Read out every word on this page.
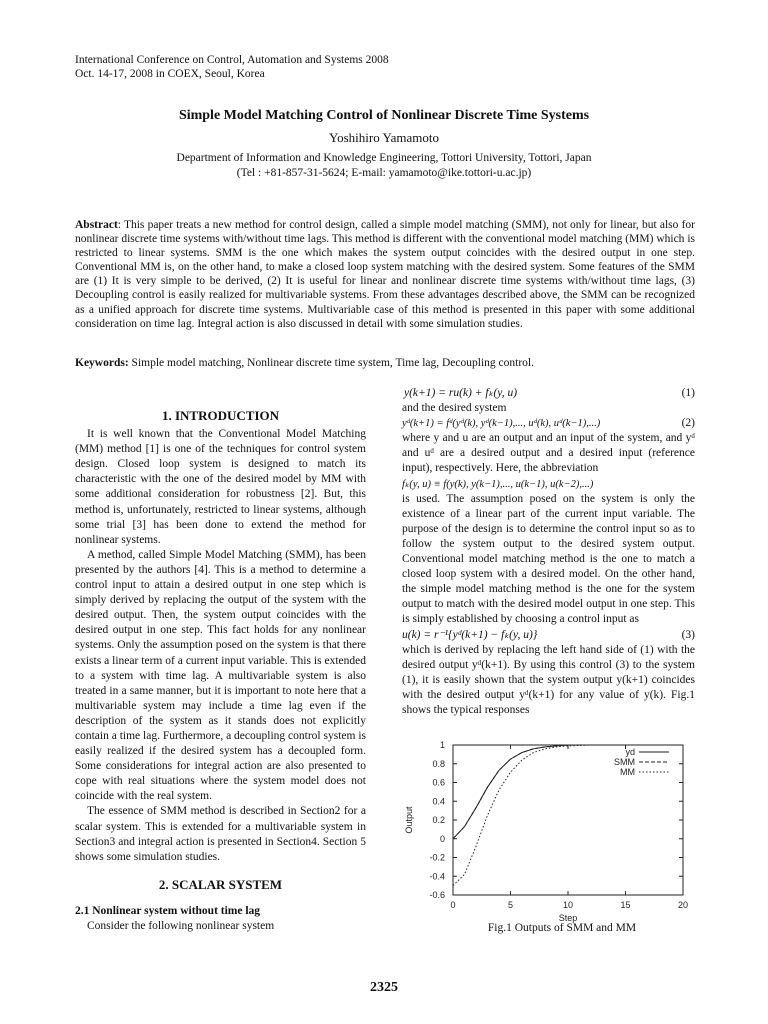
International Conference on Control, Automation and Systems 2008
Oct. 14-17, 2008 in COEX, Seoul, Korea
Simple Model Matching Control of Nonlinear Discrete Time Systems
Yoshihiro Yamamoto
Department of Information and Knowledge Engineering, Tottori University, Tottori, Japan
(Tel : +81-857-31-5624; E-mail: yamamoto@ike.tottori-u.ac.jp)
Abstract: This paper treats a new method for control design, called a simple model matching (SMM), not only for linear, but also for nonlinear discrete time systems with/without time lags. This method is different with the conventional model matching (MM) which is restricted to linear systems. SMM is the one which makes the system output coincides with the desired output in one step. Conventional MM is, on the other hand, to make a closed loop system matching with the desired system. Some features of the SMM are (1) It is very simple to be derived, (2) It is useful for linear and nonlinear discrete time systems with/without time lags, (3) Decoupling control is easily realized for multivariable systems. From these advantages described above, the SMM can be recognized as a unified approach for discrete time systems. Multivariable case of this method is presented in this paper with some additional consideration on time lag. Integral action is also discussed in detail with some simulation studies.
Keywords: Simple model matching, Nonlinear discrete time system, Time lag, Decoupling control.
1. INTRODUCTION

It is well known that the Conventional Model Matching (MM) method [1] is one of the techniques for control system design. Closed loop system is designed to match its characteristic with the one of the desired model by MM with some additional consideration for robustness [2]. But, this method is, unfortunately, restricted to linear systems, although some trial [3] has been done to extend the method for nonlinear systems.

A method, called Simple Model Matching (SMM), has been presented by the authors [4]. This is a method to determine a control input to attain a desired output in one step which is simply derived by replacing the output of the system with the desired output. Then, the system output coincides with the desired output in one step. This fact holds for any nonlinear systems. Only the assumption posed on the system is that there exists a linear term of a current input variable. This is extended to a system with time lag. A multivariable system is also treated in a same manner, but it is important to note here that a multivariable system may include a time lag even if the description of the system as it stands does not explicitly contain a time lag. Furthermore, a decoupling control system is easily realized if the desired system has a decoupled form. Some considerations for integral action are also presented to cope with real situations where the system model does not coincide with the real system.

The essence of SMM method is described in Section2 for a scalar system. This is extended for a multivariable system in Section3 and integral action is presented in Section4. Section 5 shows some simulation studies.

2. SCALAR SYSTEM
2.1 Nonlinear system without time lag

Consider the following nonlinear system

y(k+1) = ru(k) + fₖ(y, u)	(1)
and the desired system
yᵈ(k+1) = fᵈ(yᵈ(k), yᵈ(k−1),..., uᵈ(k), uᵈ(k−1),...)	(2)
where y and u are an output and an input of the system, and yᵈ and uᵈ are a desired output and a desired input (reference input), respectively. Here, the abbreviation
fₖ(y, u) ≡ f(y(k), y(k−1),..., u(k−1), u(k−2),...)
is used. The assumption posed on the system is only the existence of a linear part of the current input variable. The purpose of the design is to determine the control input so as to follow the system output to the desired system output. Conventional model matching method is the one to match a closed loop system with a desired model. On the other hand, the simple model matching method is the one for the system output to match with the desired model output in one step. This is simply established by choosing a control input as
u(k) = r⁻¹{yᵈ(k+1) − fₖ(y, u)}	(3)
which is derived by replacing the left hand side of (1) with the desired output yᵈ(k+1). By using this control (3) to the system (1), it is easily shown that the system output y(k+1) coincides with the desired output yᵈ(k+1) for any value of y(k). Fig.1 shows the typical responses
1
0.8
0.6
0.4
0.2
0
-0.2
-0.4
-0.6
0	5	10	15	20
Step
Output
yd
SMM
MM
Fig.1 Outputs of SMM and MM
2325
